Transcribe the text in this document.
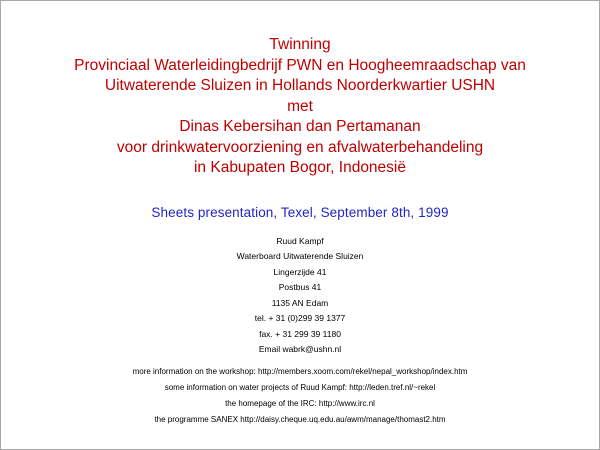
Twinning
Provinciaal Waterleidingbedrijf PWN en Hoogheemraadschap van
Uitwaterende Sluizen in Hollands Noorderkwartier USHN
met
Dinas Kebersihan dan Pertamanan
voor drinkwatervoorziening en afvalwaterbehandeling
in Kabupaten Bogor, Indonesië
Sheets presentation, Texel, September 8th, 1999
Ruud Kampf
Waterboard Uitwaterende Sluizen
Lingerzijde 41
Postbus 41
1135 AN Edam
tel. + 31 (0)299 39 1377
fax. + 31 299 39 1180
Email wabrk@ushn.nl
more information on the workshop: http://members.xoom.com/rekel/nepal_workshop/index.htm
some information on water projects of Ruud Kampf: http://leden.tref.nl/~rekel
the homepage of the IRC: http://www.irc.nl
the programme SANEX http://daisy.cheque.uq.edu.au/awm/manage/thomast2.htm
